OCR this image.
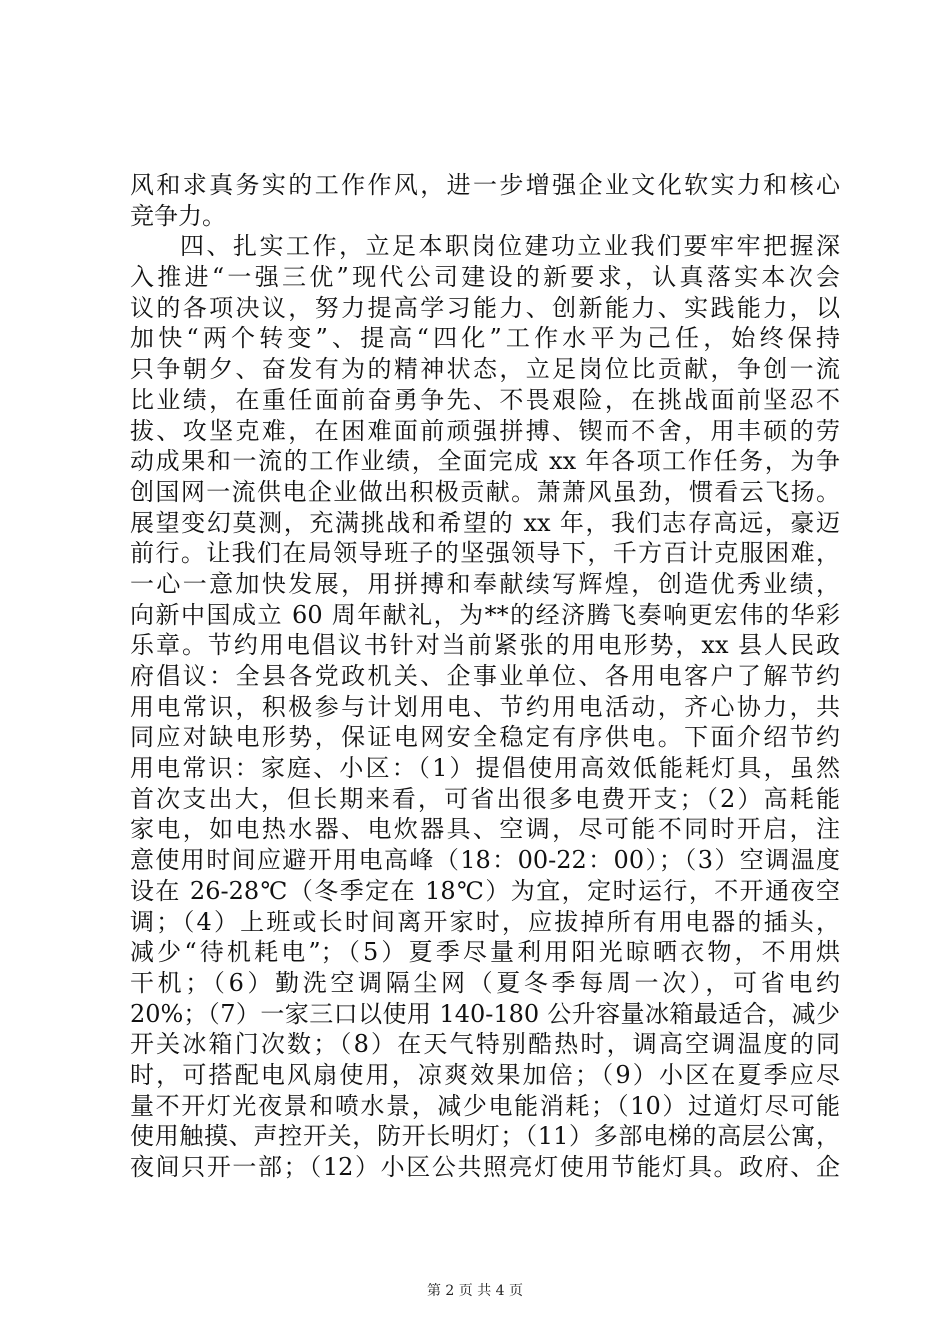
风和求真务实的工作作风，进一步增强企业文化软实力和核心
竞争力。
四、扎实工作，立足本职岗位建功立业我们要牢牢把握深
入推进“一强三优”现代公司建设的新要求，认真落实本次会
议的各项决议，努力提高学习能力、创新能力、实践能力，以
加快“两个转变”、提高“四化”工作水平为己任，始终保持
只争朝夕、奋发有为的精神状态，立足岗位比贡献，争创一流
比业绩，在重任面前奋勇争先、不畏艰险，在挑战面前坚忍不
拔、攻坚克难，在困难面前顽强拼搏、锲而不舍，用丰硕的劳
动成果和一流的工作业绩，全面完成 xx 年各项工作任务，为争
创国网一流供电企业做出积极贡献。萧萧风虽劲，惯看云飞扬。
展望变幻莫测，充满挑战和希望的 xx 年，我们志存高远，豪迈
前行。让我们在局领导班子的坚强领导下，千方百计克服困难，
一心一意加快发展，用拼搏和奉献续写辉煌，创造优秀业绩，
向新中国成立 60 周年献礼，为**的经济腾飞奏响更宏伟的华彩
乐章。节约用电倡议书针对当前紧张的用电形势，xx 县人民政
府倡议：全县各党政机关、企事业单位、各用电客户了解节约
用电常识，积极参与计划用电、节约用电活动，齐心协力，共
同应对缺电形势，保证电网安全稳定有序供电。下面介绍节约
用电常识：家庭、小区：（1）提倡使用高效低能耗灯具，虽然
首次支出大，但长期来看，可省出很多电费开支；（2）高耗能
家电，如电热水器、电炊器具、空调，尽可能不同时开启，注
意使用时间应避开用电高峰（18：00-22：00）；（3）空调温度
设在 26-28℃（冬季定在 18℃）为宜，定时运行，不开通夜空
调；（4）上班或长时间离开家时，应拔掉所有用电器的插头，
减少“待机耗电”；（5）夏季尽量利用阳光晾晒衣物，不用烘
干机；（6）勤洗空调隔尘网（夏冬季每周一次），可省电约
20%；（7）一家三口以使用 140-180 公升容量冰箱最适合，减少
开关冰箱门次数；（8）在天气特别酷热时，调高空调温度的同
时，可搭配电风扇使用，凉爽效果加倍；（9）小区在夏季应尽
量不开灯光夜景和喷水景，减少电能消耗；（10）过道灯尽可能
使用触摸、声控开关，防开长明灯；（11）多部电梯的高层公寓，
夜间只开一部；（12）小区公共照亮灯使用节能灯具。政府、企
第 2 页 共 4 页
